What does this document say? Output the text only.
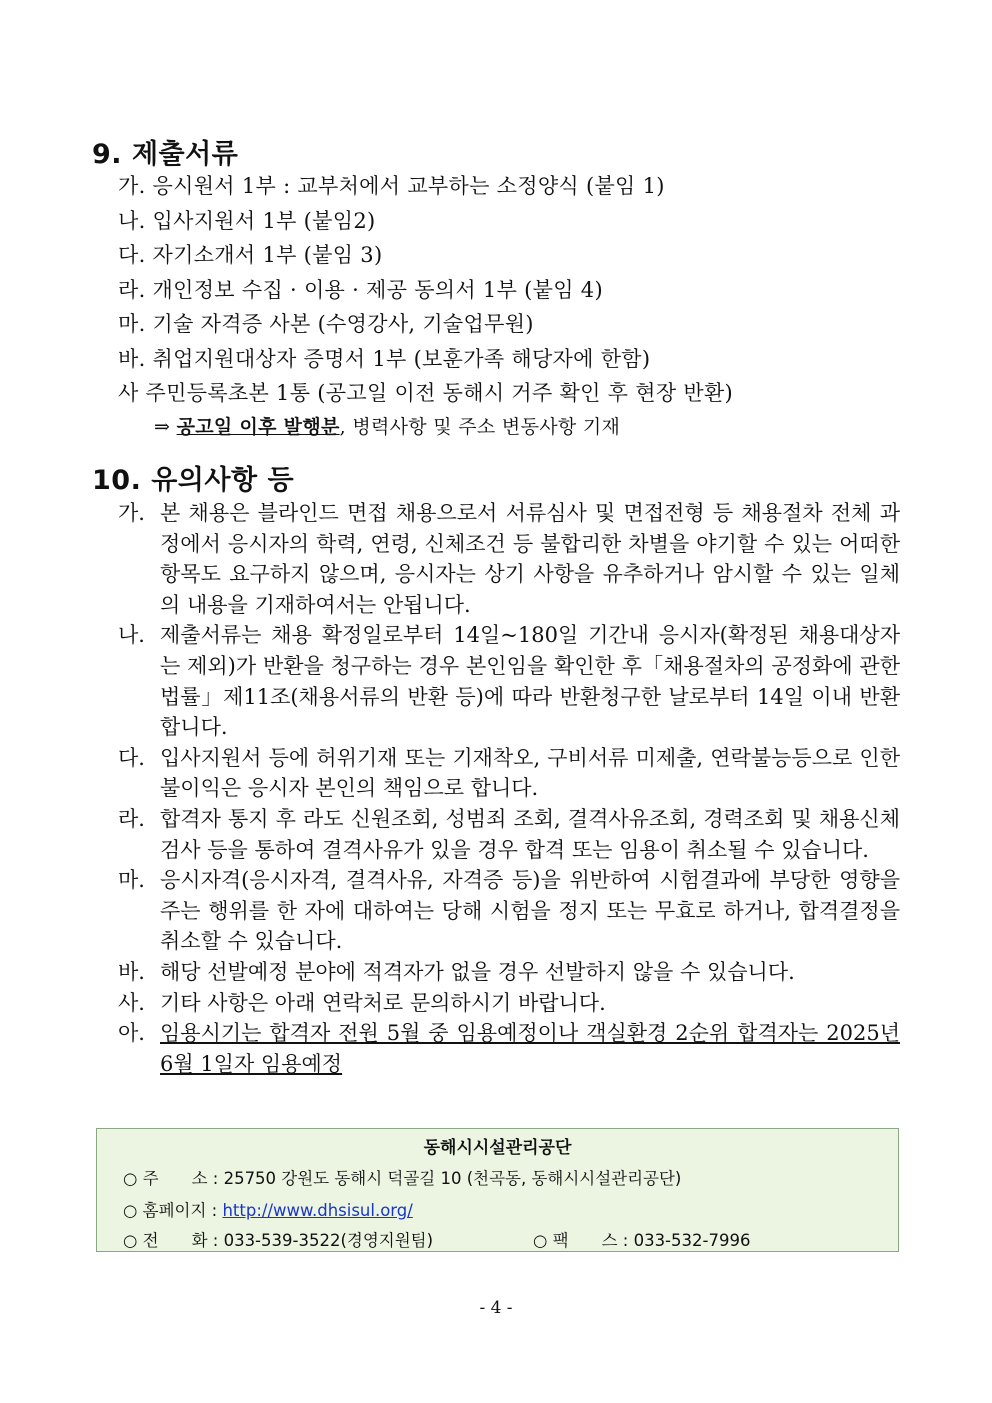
9. 제출서류
가. 응시원서 1부 : 교부처에서 교부하는 소정양식 (붙임 1)
나. 입사지원서 1부 (붙임2)
다. 자기소개서 1부 (붙임 3)
라. 개인정보 수집 · 이용 · 제공 동의서 1부 (붙임 4)
마. 기술 자격증 사본 (수영강사, 기술업무원)
바. 취업지원대상자 증명서 1부 (보훈가족 해당자에 한함)
사 주민등록초본 1통 (공고일 이전 동해시 거주 확인 후 현장 반환)
⇒ 공고일 이후 발행분, 병력사항 및 주소 변동사항 기재
10. 유의사항 등
가. 본 채용은 블라인드 면접 채용으로서 서류심사 및 면접전형 등 채용절차 전체 과정에서 응시자의 학력, 연령, 신체조건 등 불합리한 차별을 야기할 수 있는 어떠한 항목도 요구하지 않으며, 응시자는 상기 사항을 유추하거나 암시할 수 있는 일체의 내용을 기재하여서는 안됩니다.
나. 제출서류는 채용 확정일로부터 14일~180일 기간내 응시자(확정된 채용대상자는 제외)가 반환을 청구하는 경우 본인임을 확인한 후「채용절차의 공정화에 관한 법률」제11조(채용서류의 반환 등)에 따라 반환청구한 날로부터 14일 이내 반환 합니다.
다. 입사지원서 등에 허위기재 또는 기재착오, 구비서류 미제출, 연락불능등으로 인한 불이익은 응시자 본인의 책임으로 합니다.
라. 합격자 통지 후 라도 신원조회, 성범죄 조회, 결격사유조회, 경력조회 및 채용신체검사 등을 통하여 결격사유가 있을 경우 합격 또는 임용이 취소될 수 있습니다.
마. 응시자격(응시자격, 결격사유, 자격증 등)을 위반하여 시험결과에 부당한 영향을 주는 행위를 한 자에 대하여는 당해 시험을 정지 또는 무효로 하거나, 합격결정을 취소할 수 있습니다.
바. 해당 선발예정 분야에 적격자가 없을 경우 선발하지 않을 수 있습니다.
사. 기타 사항은 아래 연락처로 문의하시기 바랍니다.
아. 임용시기는 합격자 전원 5월 중 임용예정이나 객실환경 2순위 합격자는 2025년 6월 1일자 임용예정
동해시시설관리공단
○ 주　　소 : 25750 강원도 동해시 덕골길 10 (천곡동, 동해시시설관리공단)
○ 홈페이지 : http://www.dhsisul.org/
○ 전　　화 : 033-539-3522(경영지원팀)	○ 팩　　스 : 033-532-7996
- 4 -
